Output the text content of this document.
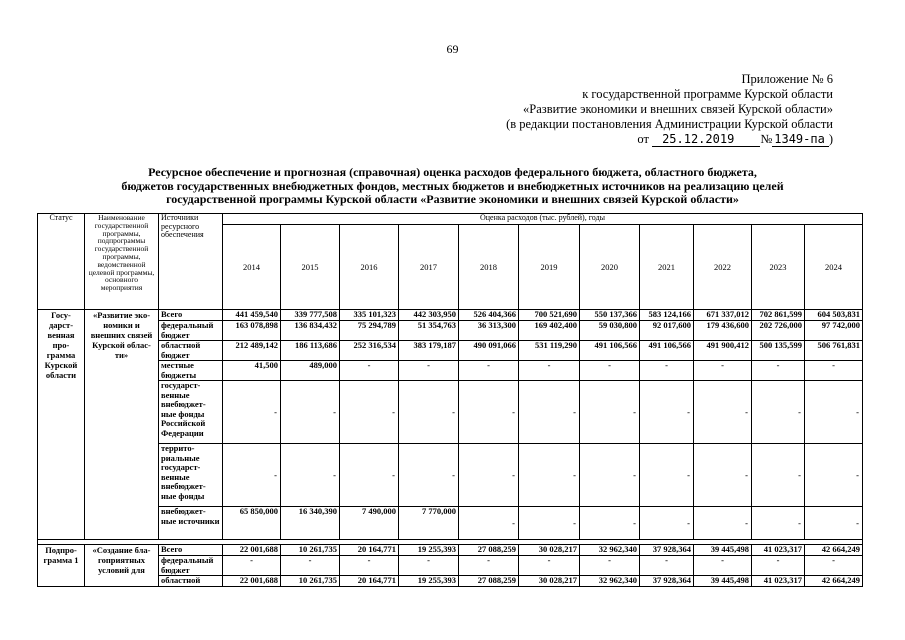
69
Приложение № 6
к государственной программе Курской области
«Развитие экономики и внешних связей Курской области»
(в редакции постановления Администрации Курской области
от 25.12.2019 № 1349-па )
Ресурсное обеспечение и прогнозная (справочная) оценка расходов федерального бюджета, областного бюджета,
бюджетов государственных внебюджетных фондов, местных бюджетов и внебюджетных источников на реализацию целей
государственной программы Курской области «Развитие экономики и внешних связей Курской области»
Статус	Наименование государственной программы, подпрограммы государственной программы, ведомственной целевой программы, основного мероприятия	Источники ресурсного обеспечения	Оценка расходов (тыс. рублей), годы										
			2014	2015	2016	2017	2018	2019	2020	2021	2022	2023	2024
Госу- дарст- венная про- грамма Курской области	«Развитие эко- номики и внешних связей Курской облас- ти»	Всего	441 459,540	339 777,508	335 101,323	442 303,950	526 404,366	700 521,690	550 137,366	583 124,166	671 337,012	702 861,599	604 503,831
		федеральный бюджет	163 078,898	136 834,432	75 294,789	51 354,763	36 313,300	169 402,400	59 030,800	92 017,600	179 436,600	202 726,000	97 742,000
		областной бюджет	212 489,142	186 113,686	252 316,534	383 179,187	490 091,066	531 119,290	491 106,566	491 106,566	491 900,412	500 135,599	506 761,831
		местные бюджеты	41,500	489,000	-	-	-	-	-	-	-	-	-
		государст- венные внебюджет- ные фонды Российской Федерации	-	-	-	-	-	-	-	-	-	-	-
		террито- риальные государст- венные внебюджет- ные фонды	-	-	-	-	-	-	-	-	-	-	-
		внебюджет- ные источники	65 850,000	16 340,390	7 490,000	7 770,000	-	-	-	-	-	-	-

Подпро- грамма 1	«Создание бла- гоприятных условий для	Всего	22 001,688	10 261,735	20 164,771	19 255,393	27 088,259	30 028,217	32 962,340	37 928,364	39 445,498	41 023,317	42 664,249
		федеральный бюджет	-	-	-	-	-	-	-	-	-	-	-
		областной	22 001,688	10 261,735	20 164,771	19 255,393	27 088,259	30 028,217	32 962,340	37 928,364	39 445,498	41 023,317	42 664,249
